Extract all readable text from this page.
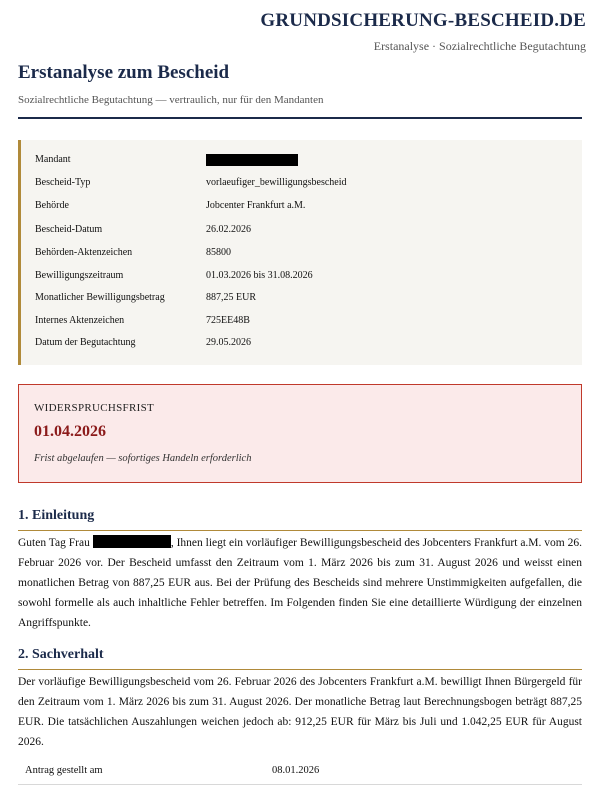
GRUNDSICHERUNG-BESCHEID.DE
Erstanalyse · Sozialrechtliche Begutachtung
Erstanalyse zum Bescheid
Sozialrechtliche Begutachtung — vertraulich, nur für den Mandanten
Mandant
Bescheid-Typ	vorlaeufiger_bewilligungsbescheid
Behörde	Jobcenter Frankfurt a.M.
Bescheid-Datum	26.02.2026
Behörden-Aktenzeichen	85800
Bewilligungszeitraum	01.03.2026 bis 31.08.2026
Monatlicher Bewilligungsbetrag	887,25 EUR
Internes Aktenzeichen	725EE48B
Datum der Begutachtung	29.05.2026
WIDERSPRUCHSFRIST
01.04.2026
Frist abgelaufen — sofortiges Handeln erforderlich
1. Einleitung
Guten Tag Frau	, Ihnen liegt ein vorläufiger Bewilligungsbescheid des Jobcenters Frankfurt a.M. vom 26. Februar 2026 vor. Der Bescheid umfasst den Zeitraum vom 1. März 2026 bis zum 31. August 2026 und weisst einen monatlichen Betrag von 887,25 EUR aus. Bei der Prüfung des Bescheids sind mehrere Unstimmigkeiten aufgefallen, die sowohl formelle als auch inhaltliche Fehler betreffen. Im Folgenden finden Sie eine detaillierte Würdigung der einzelnen Angriffspunkte.
2. Sachverhalt
Der vorläufige Bewilligungsbescheid vom 26. Februar 2026 des Jobcenters Frankfurt a.M. bewilligt Ihnen Bürgergeld für den Zeitraum vom 1. März 2026 bis zum 31. August 2026. Der monatliche Betrag laut Berechnungsbogen beträgt 887,25 EUR. Die tatsächlichen Auszahlungen weichen jedoch ab: 912,25 EUR für März bis Juli und 1.042,25 EUR für August 2026.
Antrag gestellt am	08.01.2026
